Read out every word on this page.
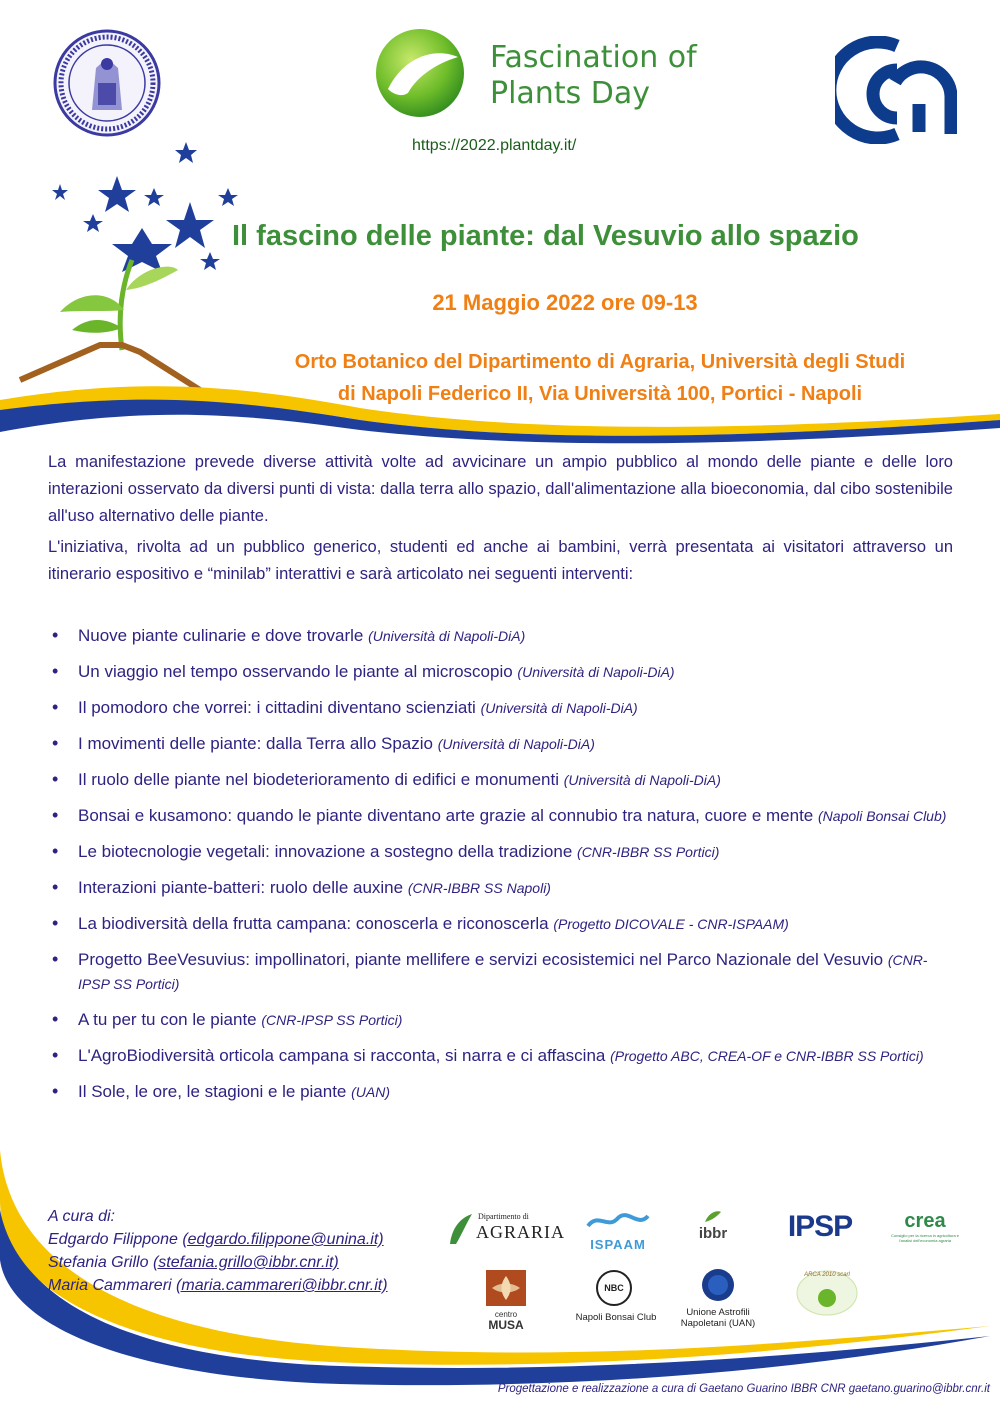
Fascination of
Plants Day
https://2022.plantday.it/
Il fascino delle piante: dal Vesuvio allo spazio
21 Maggio 2022 ore 09-13
Orto Botanico del Dipartimento di Agraria, Università degli Studi
di Napoli Federico II, Via Università 100, Portici - Napoli

La manifestazione prevede diverse attività volte ad avvicinare un ampio pubblico al mondo delle piante e delle loro interazioni osservato da diversi punti di vista: dalla terra allo spazio, dall'alimentazione alla bioeconomia, dal cibo sostenibile all'uso alternativo delle piante.

L'iniziativa, rivolta ad un pubblico generico, studenti ed anche ai bambini, verrà presentata ai visitatori attraverso un itinerario espositivo e “minilab” interattivi e sarà articolato nei seguenti interventi:

• Nuove piante culinarie e dove trovarle (Università di Napoli-DiA)
• Un viaggio nel tempo osservando le piante al microscopio (Università di Napoli-DiA)
• Il pomodoro che vorrei: i cittadini diventano scienziati (Università di Napoli-DiA)
• I movimenti delle piante: dalla Terra allo Spazio (Università di Napoli-DiA)
• Il ruolo delle piante nel biodeterioramento di edifici e monumenti (Università di Napoli-DiA)
• Bonsai e kusamono: quando le piante diventano arte grazie al connubio tra natura, cuore e mente (Napoli Bonsai Club)
• Le biotecnologie vegetali: innovazione a sostegno della tradizione (CNR-IBBR SS Portici)
• Interazioni piante-batteri: ruolo delle auxine (CNR-IBBR SS Napoli)
• La biodiversità della frutta campana: conoscerla e riconoscerla (Progetto DICOVALE - CNR-ISPAAM)
• Progetto BeeVesuvius: impollinatori, piante mellifere e servizi ecosistemici nel Parco Nazionale del Vesuvio (CNR-IPSP SS Portici)
• A tu per tu con le piante (CNR-IPSP SS Portici)
• L'AgroBiodiversità orticola campana si racconta, si narra e ci affascina (Progetto ABC, CREA-OF e CNR-IBBR SS Portici)
• Il Sole, le ore, le stagioni e le piante (UAN)
A cura di:
Edgardo Filippone (edgardo.filippone@unina.it)
Stefania Grillo (stefania.grillo@ibbr.cnr.it)
Maria Cammareri (maria.cammareri@ibbr.cnr.it)
Dipartimento di
AGRARIA
ISPAAM
ibbr	IPSP	crea
Consiglio per la ricerca in agricoltura e l'analisi dell'economia agraria
centro
MUSA
NBC
Napoli Bonsai Club	Unione Astrofili
Napoletani (UAN)
ARCA 2010 scarl
Progettazione e realizzazione a cura di Gaetano Guarino IBBR CNR gaetano.guarino@ibbr.cnr.it
